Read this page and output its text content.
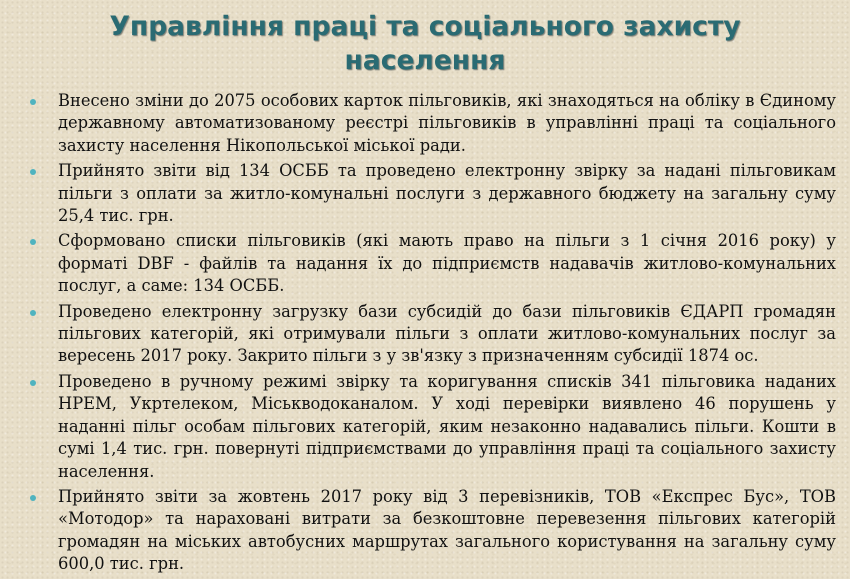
Управління праці та соціального захисту населення
Внесено зміни до 2075 особових карток пільговиків, які знаходяться на обліку в Єдиному державному автоматизованому реєстрі пільговиків в управлінні праці та соціального захисту населення Нікопольської міської ради.
Прийнято звіти від 134 ОСББ та проведено електронну звірку за надані пільговикам пільги з оплати за житло-комунальні послуги з державного бюджету на загальну суму 25,4 тис. грн.
Сформовано списки пільговиків (які мають право на пільги з 1 січня 2016 року) у форматі DBF - файлів та надання їх до підприємств надавачів житлово-комунальних послуг, а саме: 134 ОСББ.
Проведено електронну загрузку бази субсидій до бази пільговиків ЄДАРП громадян пільгових категорій, які отримували пільги з оплати житлово-комунальних послуг за вересень 2017 року. Закрито пільги з у зв'язку з призначенням субсидії 1874 ос.
Проведено в ручному режимі звірку та коригування списків 341 пільговика наданих НРЕМ, Укртелеком, Міськводоканалом. У ході перевірки виявлено 46 порушень у наданні пільг особам пільгових категорій, яким незаконно надавались пільги. Кошти в сумі 1,4 тис. грн. повернуті підприємствами до управління праці та соціального захисту населення.
Прийнято звіти за жовтень 2017 року від 3 перевізників, ТОВ «Експрес Бус», ТОВ «Мотодор» та нараховані витрати за безкоштовне перевезення пільгових категорій громадян на міських автобусних маршрутах загального користування на загальну суму 600,0 тис. грн.
